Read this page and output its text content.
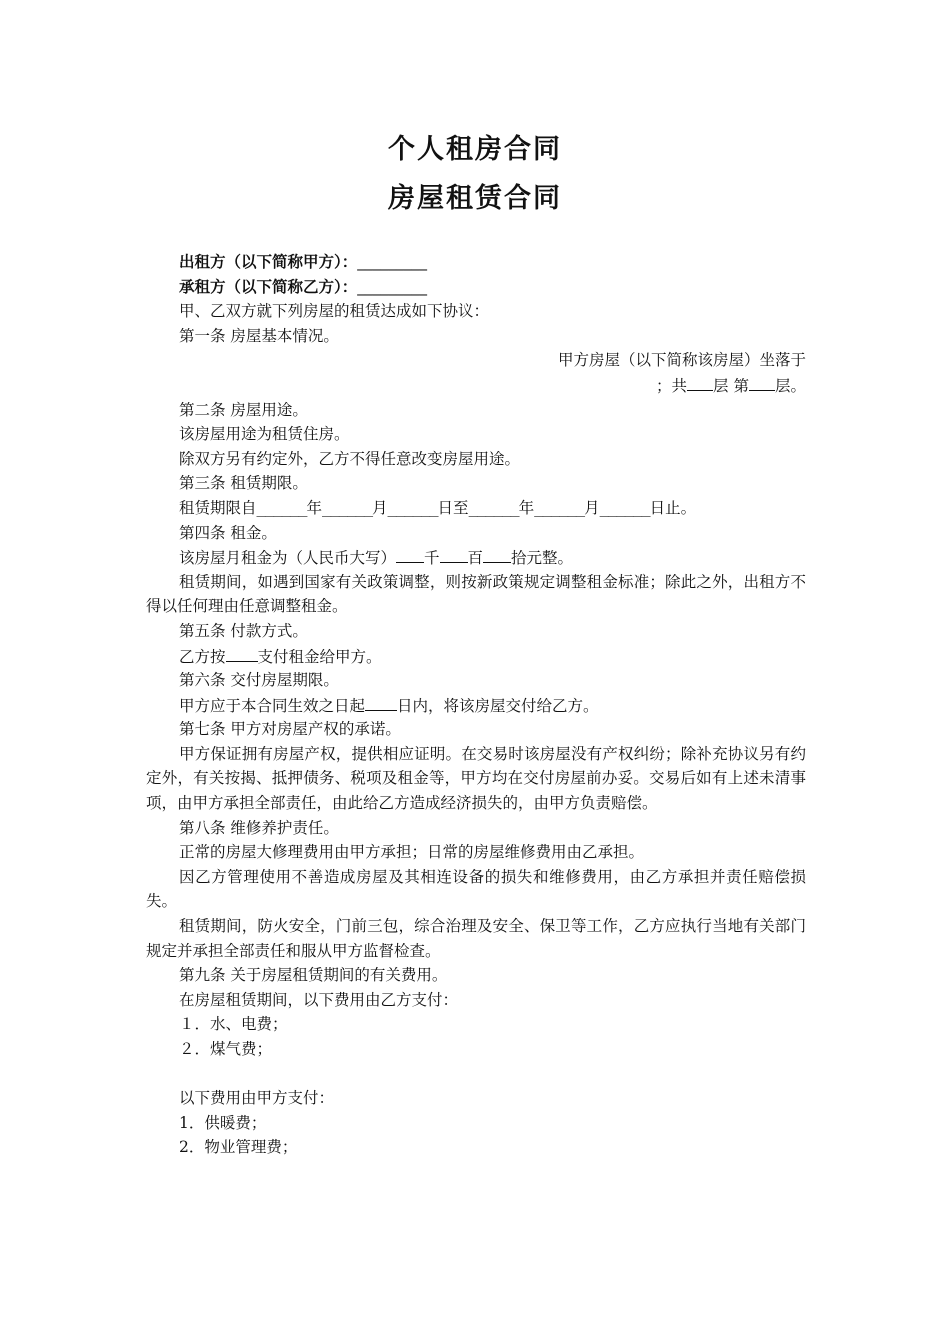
个人租房合同
房屋租赁合同
出租方（以下简称甲方）：_________
承租方（以下简称乙方）：_________
甲、乙双方就下列房屋的租赁达成如下协议：
第一条 房屋基本情况。
甲方房屋（以下简称该房屋）坐落于
；共 层 第 层。
第二条 房屋用途。
该房屋用途为租赁住房。
除双方另有约定外，乙方不得任意改变房屋用途。
第三条 租赁期限。
租赁期限自______年______月______日至______年______月______日止。
第四条 租金。
该房屋月租金为（人民币大写） 千 百 拾元整。
租赁期间，如遇到国家有关政策调整，则按新政策规定调整租金标准；除此之外，出租方不得以任何理由任意调整租金。
第五条 付款方式。
乙方按 支付租金给甲方。
第六条 交付房屋期限。
甲方应于本合同生效之日起 日内，将该房屋交付给乙方。
第七条 甲方对房屋产权的承诺。
甲方保证拥有房屋产权，提供相应证明。在交易时该房屋没有产权纠纷；除补充协议另有约定外，有关按揭、抵押债务、税项及租金等，甲方均在交付房屋前办妥。交易后如有上述未清事项，由甲方承担全部责任，由此给乙方造成经济损失的，由甲方负责赔偿。
第八条 维修养护责任。
正常的房屋大修理费用由甲方承担；日常的房屋维修费用由乙承担。
因乙方管理使用不善造成房屋及其相连设备的损失和维修费用，由乙方承担并责任赔偿损失。
租赁期间，防火安全，门前三包，综合治理及安全、保卫等工作，乙方应执行当地有关部门规定并承担全部责任和服从甲方监督检查。
第九条 关于房屋租赁期间的有关费用。
在房屋租赁期间，以下费用由乙方支付：
１．水、电费；
２．煤气费；
以下费用由甲方支付：
1．供暖费；
2．物业管理费；
